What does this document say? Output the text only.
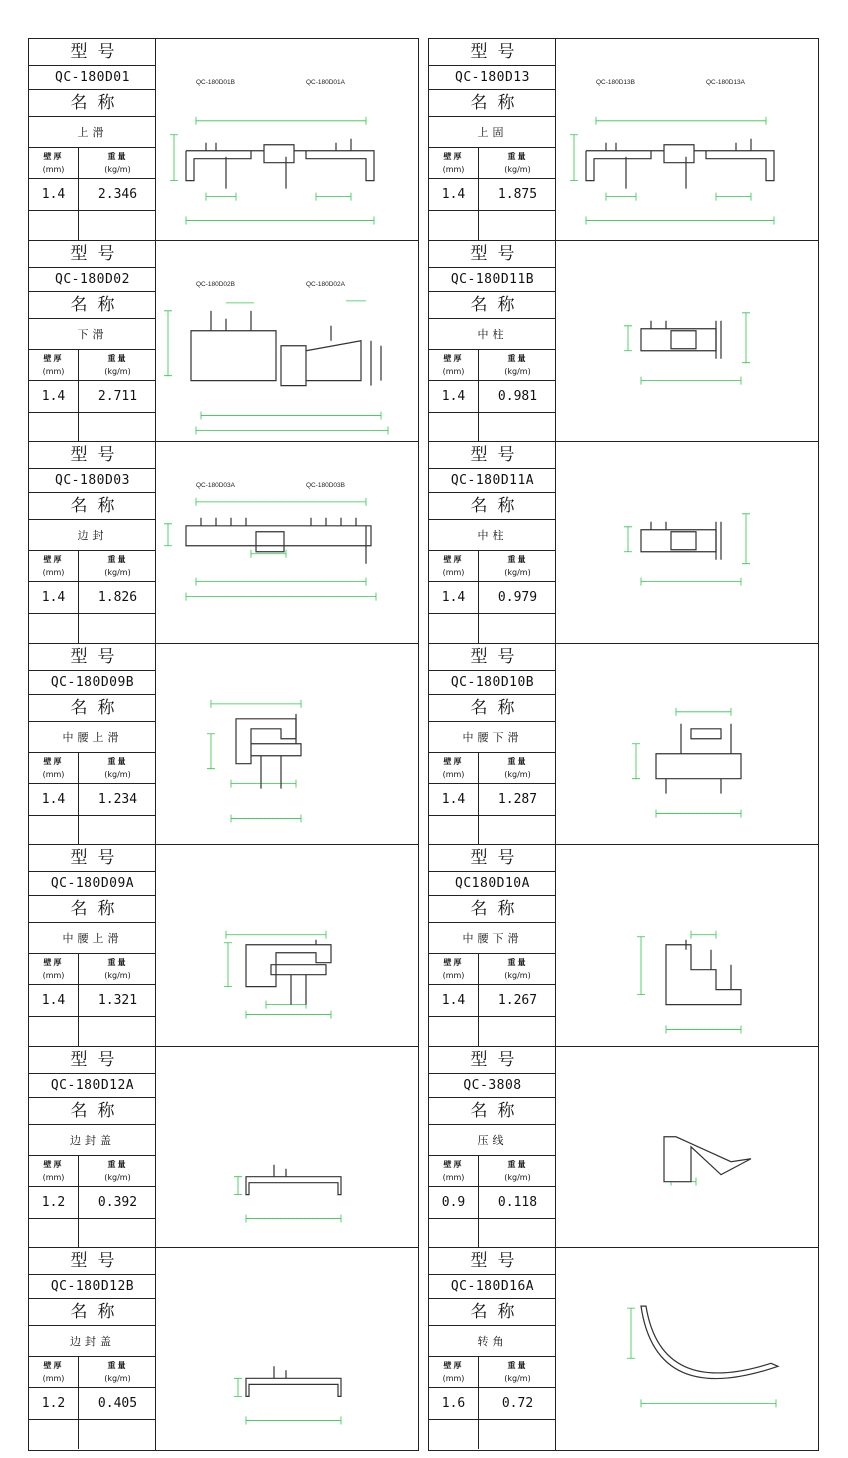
型号
QC-180D01
名称
上滑
壁厚
(mm)
重量
(kg/m)
1.4	2.346
QC-180D01B	QC-180D01A
型号
QC-180D02
名称
下滑
壁厚
(mm)
重量
(kg/m)
1.4	2.711
QC-180D02B	QC-180D02A
型号
QC-180D03
名称
边封
壁厚
(mm)
重量
(kg/m)
1.4	1.826
QC-180D03A	QC-180D03B
型号
QC-180D09B
名称
中腰上滑
壁厚
(mm)
重量
(kg/m)
1.4	1.234
型号
QC-180D09A
名称
中腰上滑
壁厚
(mm)
重量
(kg/m)
1.4	1.321
型号
QC-180D12A
名称
边封盖
壁厚
(mm)
重量
(kg/m)
1.2	0.392
型号
QC-180D12B
名称
边封盖
壁厚
(mm)
重量
(kg/m)
1.2	0.405
型号
QC-180D13
名称
上固
壁厚
(mm)
重量
(kg/m)
1.4	1.875
QC-180D13B	QC-180D13A
型号
QC-180D11B
名称
中柱
壁厚
(mm)
重量
(kg/m)
1.4	0.981
型号
QC-180D11A
名称
中柱
壁厚
(mm)
重量
(kg/m)
1.4	0.979
型号
QC-180D10B
名称
中腰下滑
壁厚
(mm)
重量
(kg/m)
1.4	1.287
型号
QC180D10A
名称
中腰下滑
壁厚
(mm)
重量
(kg/m)
1.4	1.267
型号
QC-3808
名称
压线
壁厚
(mm)
重量
(kg/m)
0.9	0.118
型号
QC-180D16A
名称
转角
壁厚
(mm)
重量
(kg/m)
1.6	0.72
